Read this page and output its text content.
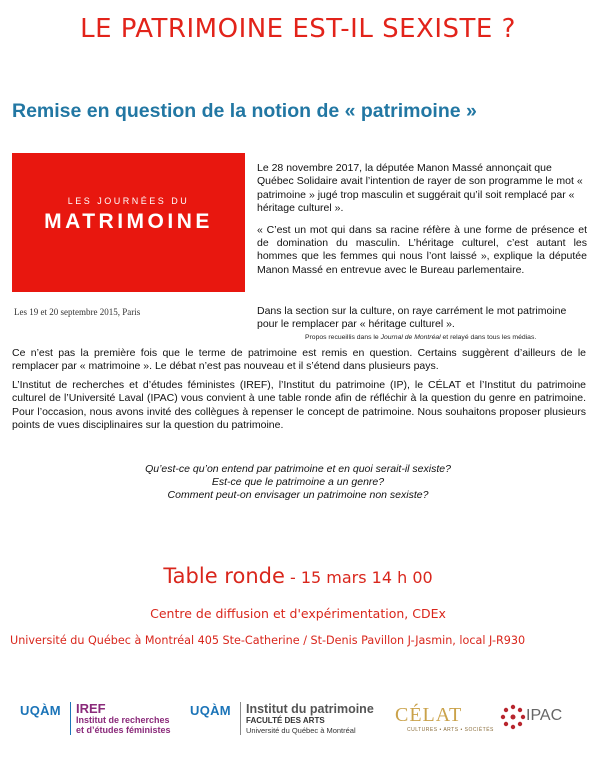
LE PATRIMOINE EST-IL SEXISTE ?
Remise en question de la notion de « patrimoine »
LES JOURNÉES DU
MATRIMOINE
Les 19 et 20 septembre 2015, Paris

Le 28 novembre 2017, la députée Manon Massé annonçait que Québec Solidaire avait l’intention de rayer de son programme le mot « patrimoine » jugé trop masculin et suggérait qu’il soit remplacé par « héritage culturel ».

« C’est un mot qui dans sa racine réfère à une forme de présence et de domination du masculin. L’héritage culturel, c’est autant les hommes que les femmes qui nous l’ont laissé », explique la députée Manon Massé en entrevue avec le Bureau parlementaire.

Dans la section sur la culture, on raye carrément le mot patrimoine pour le remplacer par « héritage culturel ».
Propos recueillis dans le Journal de Montréal et relayé dans tous les médias.

Ce n’est pas la première fois que le terme de patrimoine est remis en question. Certains suggèrent d’ailleurs de le remplacer par « matrimoine ». Le débat n’est pas nouveau et il s’étend dans plusieurs pays.

L’Institut de recherches et d’études féministes (IREF), l’Institut du patrimoine (IP), le CÉLAT et l’Institut du patrimoine culturel de l’Université Laval (IPAC) vous convient à une table ronde afin de réfléchir à la question du genre en patrimoine. Pour l’occasion, nous avons invité des collègues à repenser le concept de patrimoine. Nous souhaitons proposer plusieurs points de vues disciplinaires sur la question du patrimoine.

Qu’est-ce qu’on entend par patrimoine et en quoi serait-il sexiste?
Est-ce que le patrimoine a un genre?
Comment peut-on envisager un patrimoine non sexiste?
Table ronde - 15 mars 14 h 00
Centre de diffusion et d'expérimentation, CDEx
Université du Québec à Montréal 405 Ste-Catherine / St-Denis Pavillon J-Jasmin, local J-R930
UQÀM IREF
Institut de recherches
et d’études féministes
UQÀM Institut du patrimoine
FACULTÉ DES ARTS
Université du Québec à Montréal
CÉLAT
CULTURES • ARTS • SOCIÉTÉS
IPAC
